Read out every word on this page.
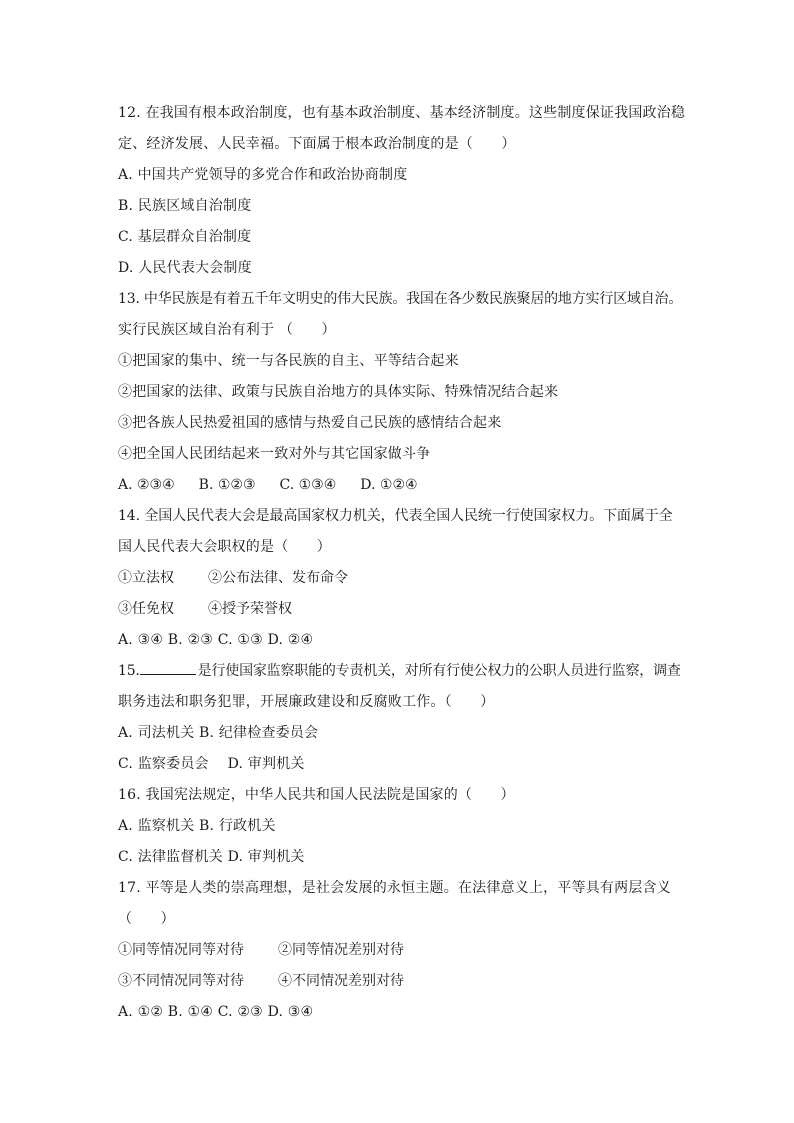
12. 在我国有根本政治制度，也有基本政治制度、基本经济制度。这些制度保证我国政治稳
定、经济发展、人民幸福。下面属于根本政治制度的是（　　）
A. 中国共产党领导的多党合作和政治协商制度
B. 民族区域自治制度
C. 基层群众自治制度
D. 人民代表大会制度
13. 中华民族是有着五千年文明史的伟大民族。我国在各少数民族聚居的地方实行区域自治。
实行民族区域自治有利于 （　　）
①把国家的集中、统一与各民族的自主、平等结合起来
②把国家的法律、政策与民族自治地方的具体实际、特殊情况结合起来
③把各族人民热爱祖国的感情与热爱自己民族的感情结合起来
④把全国人民团结起来一致对外与其它国家做斗争
A. ②③④ B. ①②③ C. ①③④ D. ①②④
14. 全国人民代表大会是最高国家权力机关，代表全国人民统一行使国家权力。下面属于全
国人民代表大会职权的是（　　）
①立法权 ②公布法律、发布命令
③任免权 ④授予荣誉权
A. ③④ B. ②③ C. ①③ D. ②④
15.	是行使国家监察职能的专责机关，对所有行使公权力的公职人员进行监察，调查
职务违法和职务犯罪，开展廉政建设和反腐败工作。（　　）
A. 司法机关 B. 纪律检查委员会
C. 监察委员会　 D. 审判机关
16. 我国宪法规定，中华人民共和国人民法院是国家的（　　）
A. 监察机关 B. 行政机关
C. 法律监督机关 D. 审判机关
17. 平等是人类的崇高理想，是社会发展的永恒主题。在法律意义上，平等具有两层含义
（　　）
①同等情况同等对待 ②同等情况差别对待
③不同情况同等对待 ④不同情况差别对待
A. ①② B. ①④ C. ②③ D. ③④
